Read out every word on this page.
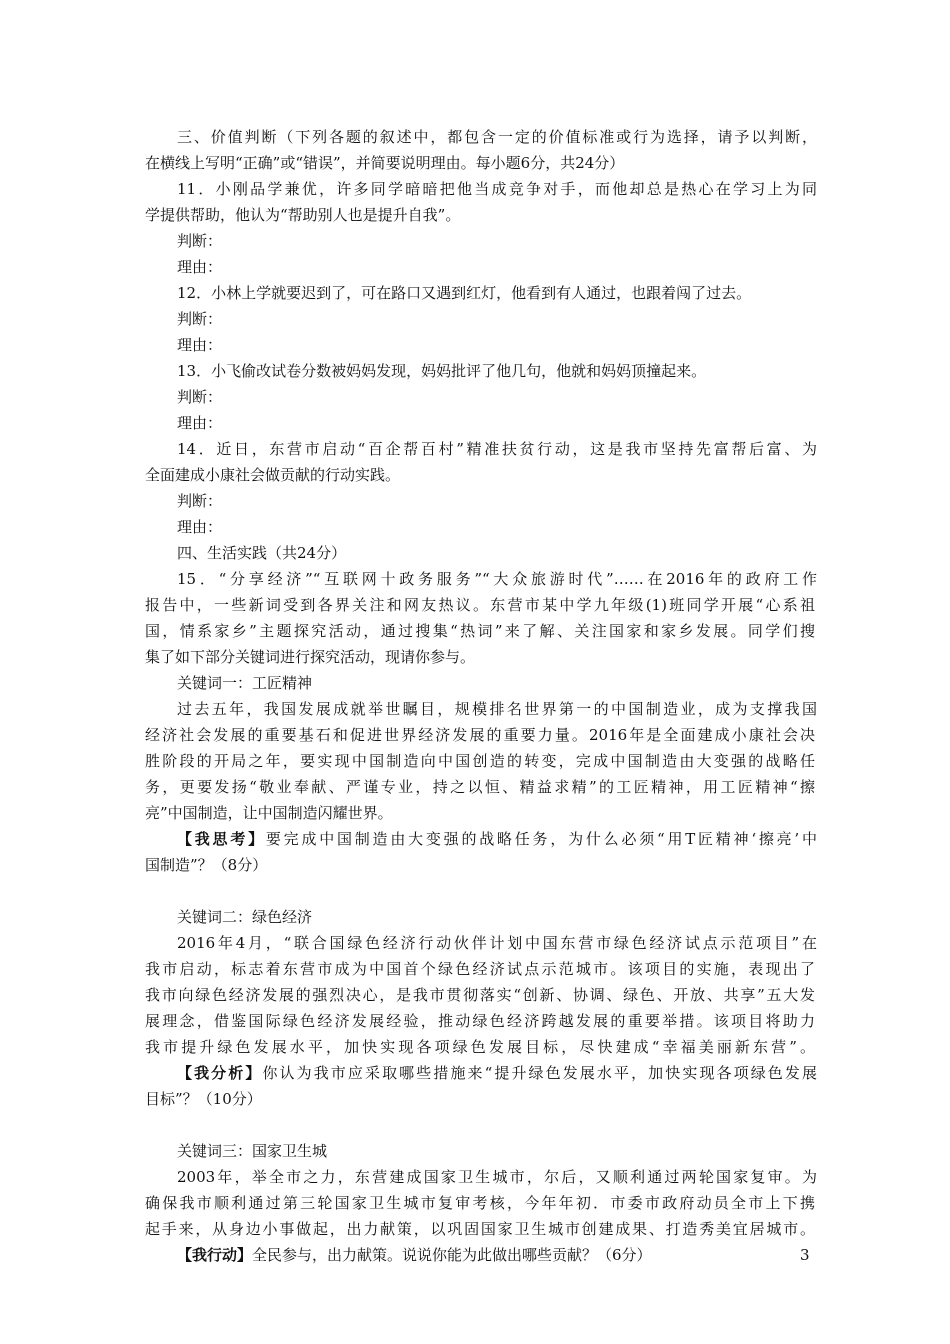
三、价值判断（下列各题的叙述中，都包含一定的价值标准或行为选择，请予以判断，
在横线上写明“正确”或“错误”，并简要说明理由。每小题6分，共24分）
11．小刚品学兼优，许多同学暗暗把他当成竞争对手，而他却总是热心在学习上为同
学提供帮助，他认为“帮助别人也是提升自我”。
判断：
理由：
12．小林上学就要迟到了，可在路口又遇到红灯，他看到有人通过，也跟着闯了过去。
判断：
理由：
13．小飞偷改试卷分数被妈妈发现，妈妈批评了他几句，他就和妈妈顶撞起来。
判断：
理由：
14．近日，东营市启动“百企帮百村”精准扶贫行动，这是我市坚持先富帮后富、为
全面建成小康社会做贡献的行动实践。
判断：
理由：
四、生活实践（共24分）
15．“分享经济”“互联网十政务服务”“大众旅游时代”……在2016年的政府工作
报告中，一些新词受到各界关注和网友热议。东营市某中学九年级(1)班同学开展“心系祖
国，情系家乡”主题探究活动，通过搜集“热词”来了解、关注国家和家乡发展。同学们搜
集了如下部分关键词进行探究活动，现请你参与。
关键词一：工匠精神
过去五年，我国发展成就举世瞩目，规模排名世界第一的中国制造业，成为支撑我国
经济社会发展的重要基石和促进世界经济发展的重要力量。2016年是全面建成小康社会决
胜阶段的开局之年，要实现中国制造向中国创造的转变，完成中国制造由大变强的战略任
务，更要发扬“敬业奉献、严谨专业，持之以恒、精益求精”的工匠精神，用工匠精神“擦
亮”中国制造，让中国制造闪耀世界。
【我思考】要完成中国制造由大变强的战略任务，为什么必须“用T匠精神‘擦亮’中
国制造”？（8分）
关键词二：绿色经济
2016年4月，“联合国绿色经济行动伙伴计划中国东营市绿色经济试点示范项目”在
我市启动，标志着东营市成为中国首个绿色经济试点示范城市。该项目的实施，表现出了
我市向绿色经济发展的强烈决心，是我市贯彻落实“创新、协调、绿色、开放、共享”五大发
展理念，借鉴国际绿色经济发展经验，推动绿色经济跨越发展的重要举措。该项目将助力
我市提升绿色发展水平，加快实现各项绿色发展目标，尽快建成“幸福美丽新东营”。
【我分析】你认为我市应采取哪些措施来“提升绿色发展水平，加快实现各项绿色发展
目标”？（10分）
关键词三：国家卫生城
2003年，举全市之力，东营建成国家卫生城市，尔后，又顺利通过两轮国家复审。为
确保我市顺利通过第三轮国家卫生城市复审考核，今年年初．市委市政府动员全市上下携
起手来，从身边小事做起，出力献策，以巩固国家卫生城市创建成果、打造秀美宜居城市。
【我行动】全民参与，出力献策。说说你能为此做出哪些贡献？（6分）	3
